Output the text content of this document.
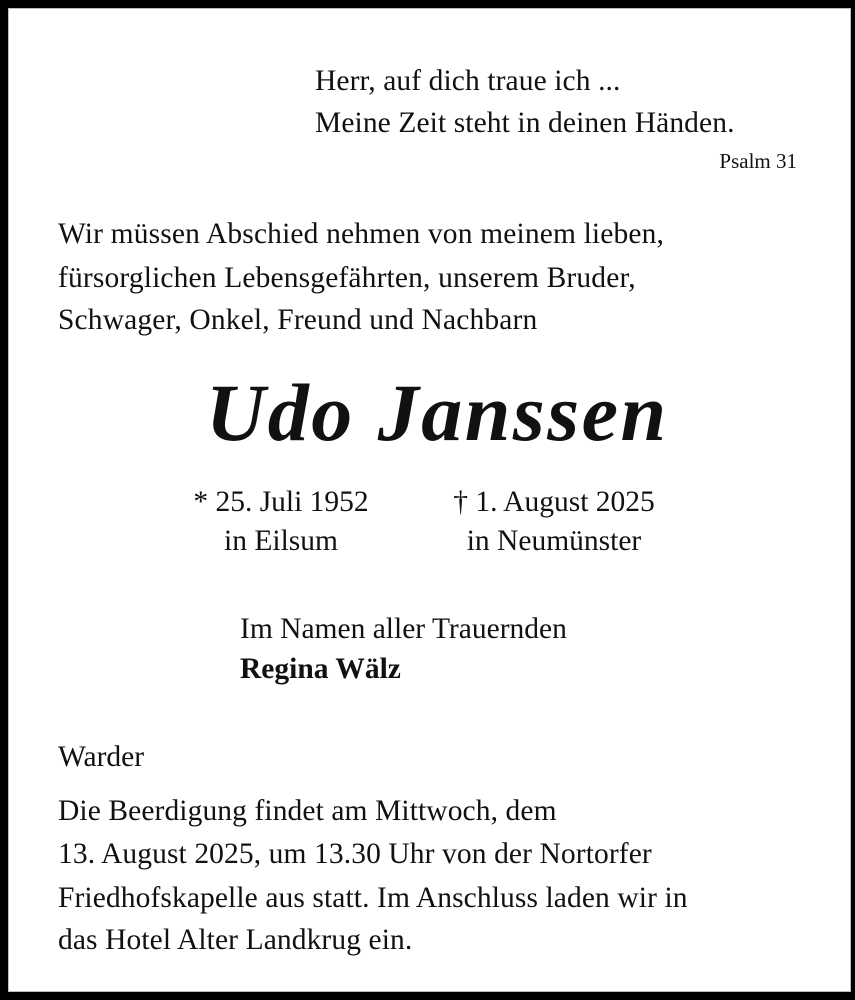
Herr, auf dich traue ich ...
Meine Zeit steht in deinen Händen.
Psalm 31
Wir müssen Abschied nehmen von meinem lieben,
fürsorglichen Lebensgefährten, unserem Bruder,
Schwager, Onkel, Freund und Nachbarn
Udo Janssen
* 25. Juli 1952
in Eilsum
† 1. August 2025
in Neumünster
Im Namen aller Trauernden
Regina Wälz
Warder
Die Beerdigung findet am Mittwoch, dem
13. August 2025, um 13.30 Uhr von der Nortorfer
Friedhofskapelle aus statt. Im Anschluss laden wir in
das Hotel Alter Landkrug ein.
